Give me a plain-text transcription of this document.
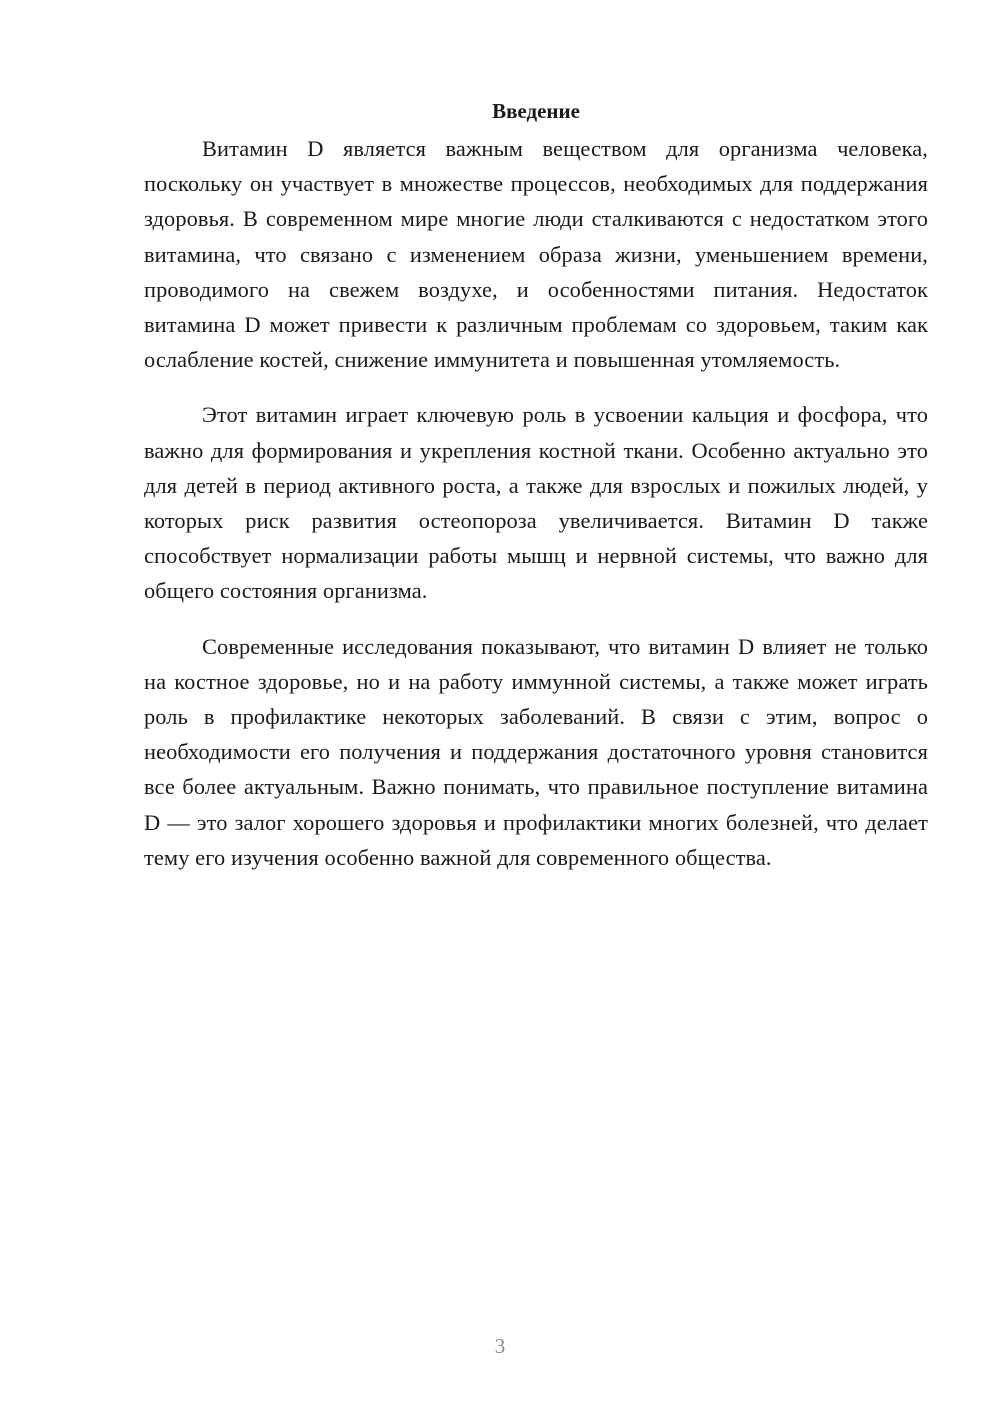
Введение

Витамин D является важным веществом для организма человека, поскольку он участвует в множестве процессов, необходимых для поддержания здоровья. В современном мире многие люди сталкиваются с недостатком этого витамина, что связано с изменением образа жизни, уменьшением времени, проводимого на свежем воздухе, и особенностями питания. Недостаток витамина D может привести к различным проблемам со здоровьем, таким как ослабление костей, снижение иммунитета и повышенная утомляемость.

Этот витамин играет ключевую роль в усвоении кальция и фосфора, что важно для формирования и укрепления костной ткани. Особенно актуально это для детей в период активного роста, а также для взрослых и пожилых людей, у которых риск развития остеопороза увеличивается. Витамин D также способствует нормализации работы мышц и нервной системы, что важно для общего состояния организма.

Современные исследования показывают, что витамин D влияет не только на костное здоровье, но и на работу иммунной системы, а также может играть роль в профилактике некоторых заболеваний. В связи с этим, вопрос о необходимости его получения и поддержания достаточного уровня становится все более актуальным. Важно понимать, что правильное поступление витамина D — это залог хорошего здоровья и профилактики многих болезней, что делает тему его изучения особенно важной для современного общества.

3
